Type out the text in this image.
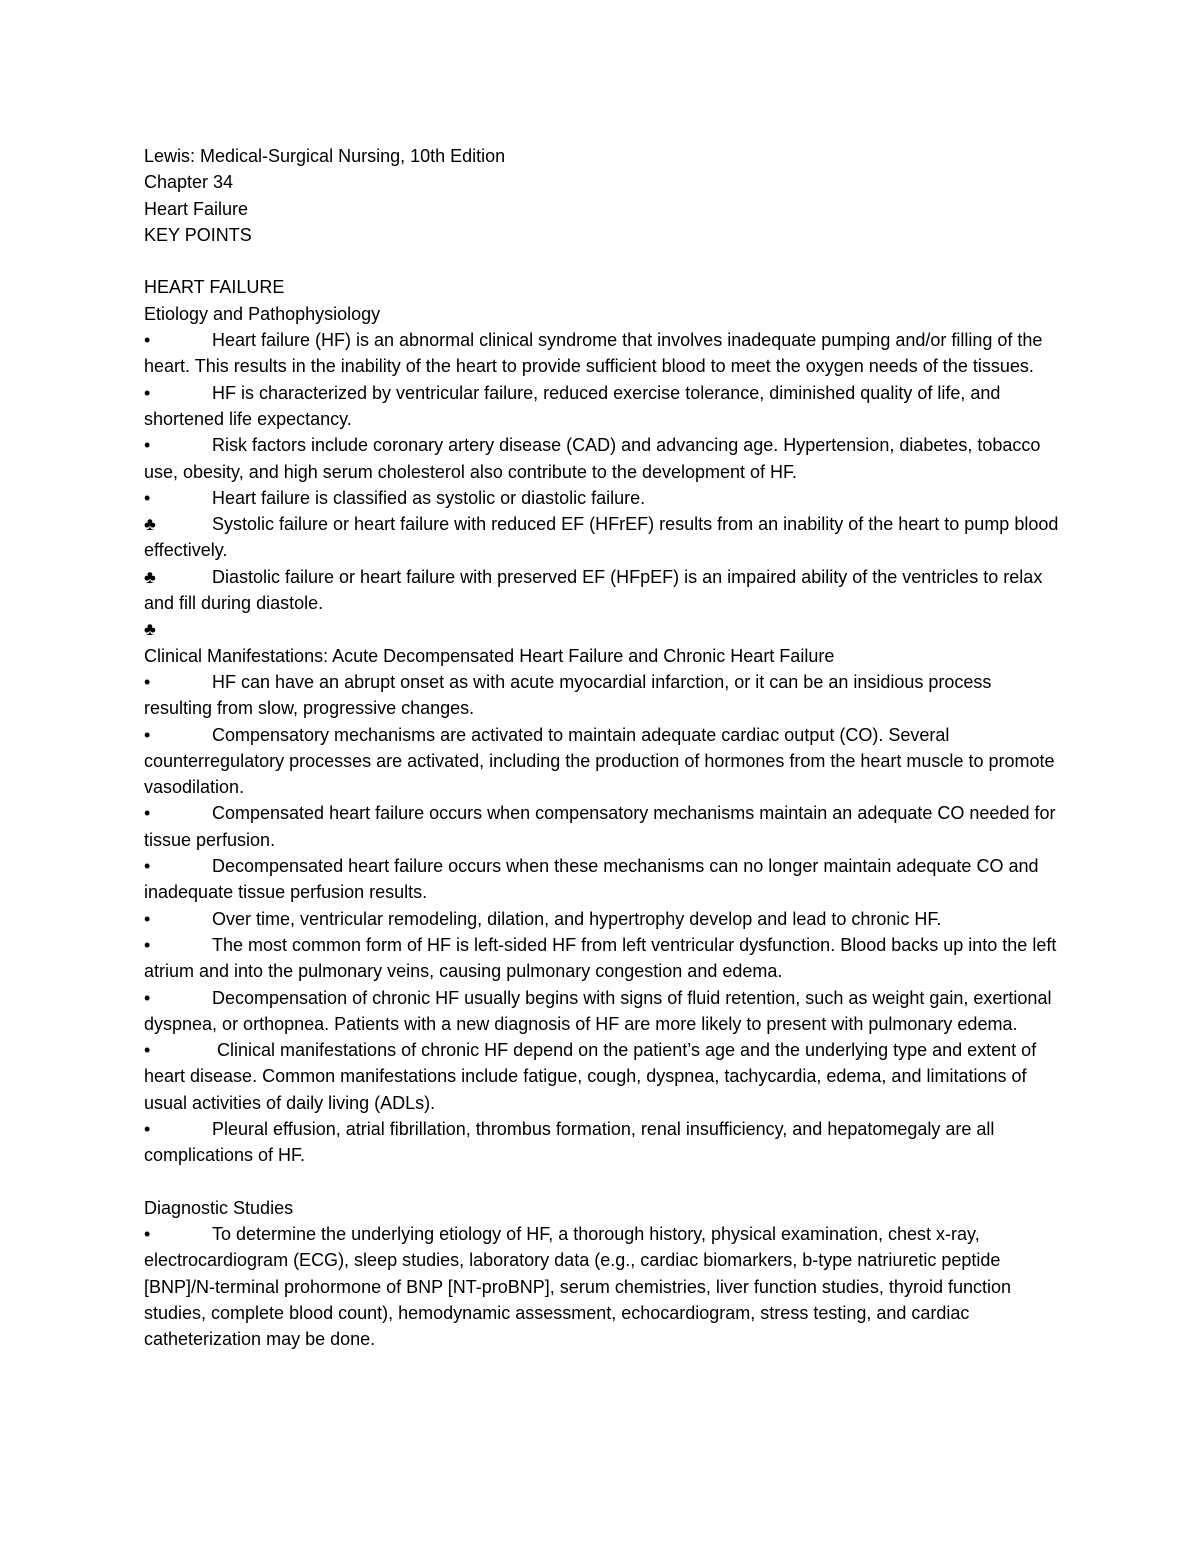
Lewis: Medical-Surgical Nursing, 10th Edition
Chapter 34
Heart Failure
KEY POINTS
HEART FAILURE
Etiology and Pathophysiology
•	Heart failure (HF) is an abnormal clinical syndrome that involves inadequate pumping and/or filling of the heart. This results in the inability of the heart to provide sufficient blood to meet the oxygen needs of the tissues.
•	HF is characterized by ventricular failure, reduced exercise tolerance, diminished quality of life, and shortened life expectancy.
•	Risk factors include coronary artery disease (CAD) and advancing age. Hypertension, diabetes, tobacco use, obesity, and high serum cholesterol also contribute to the development of HF.
•	Heart failure is classified as systolic or diastolic failure.
♣	Systolic failure or heart failure with reduced EF (HFrEF) results from an inability of the heart to pump blood effectively.
♣	Diastolic failure or heart failure with preserved EF (HFpEF) is an impaired ability of the ventricles to relax and fill during diastole.
♣
Clinical Manifestations: Acute Decompensated Heart Failure and Chronic Heart Failure
•	HF can have an abrupt onset as with acute myocardial infarction, or it can be an insidious process resulting from slow, progressive changes.
•	Compensatory mechanisms are activated to maintain adequate cardiac output (CO). Several counterregulatory processes are activated, including the production of hormones from the heart muscle to promote vasodilation.
•	Compensated heart failure occurs when compensatory mechanisms maintain an adequate CO needed for tissue perfusion.
•	Decompensated heart failure occurs when these mechanisms can no longer maintain adequate CO and inadequate tissue perfusion results.
•	Over time, ventricular remodeling, dilation, and hypertrophy develop and lead to chronic HF.
•	The most common form of HF is left-sided HF from left ventricular dysfunction. Blood backs up into the left atrium and into the pulmonary veins, causing pulmonary congestion and edema.
•	Decompensation of chronic HF usually begins with signs of fluid retention, such as weight gain, exertional dyspnea, or orthopnea. Patients with a new diagnosis of HF are more likely to present with pulmonary edema.
•	Clinical manifestations of chronic HF depend on the patient’s age and the underlying type and extent of heart disease. Common manifestations include fatigue, cough, dyspnea, tachycardia, edema, and limitations of usual activities of daily living (ADLs).
•	Pleural effusion, atrial fibrillation, thrombus formation, renal insufficiency, and hepatomegaly are all complications of HF.
Diagnostic Studies
•	To determine the underlying etiology of HF, a thorough history, physical examination, chest x-ray, electrocardiogram (ECG), sleep studies, laboratory data (e.g., cardiac biomarkers, b-type natriuretic peptide [BNP]/N-terminal prohormone of BNP [NT-proBNP], serum chemistries, liver function studies, thyroid function studies, complete blood count), hemodynamic assessment, echocardiogram, stress testing, and cardiac catheterization may be done.
